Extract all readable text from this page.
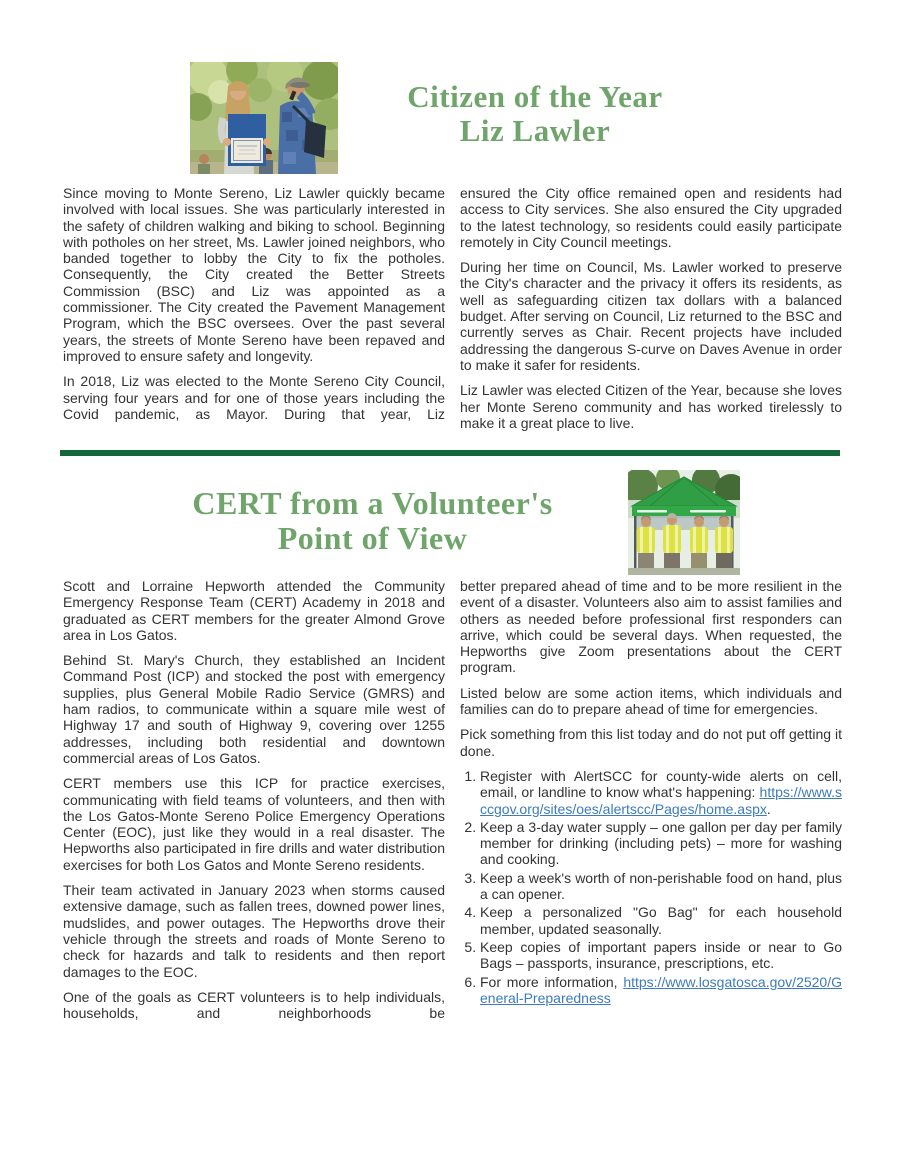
Citizen of the Year
Liz Lawler

Since moving to Monte Sereno, Liz Lawler quickly became involved with local issues. She was particularly interested in the safety of children walking and biking to school. Beginning with potholes on her street, Ms. Lawler joined neighbors, who banded together to lobby the City to fix the potholes. Consequently, the City created the Better Streets Commission (BSC) and Liz was appointed as a commissioner. The City created the Pavement Management Program, which the BSC oversees. Over the past several years, the streets of Monte Sereno have been repaved and improved to ensure safety and longevity.

In 2018, Liz was elected to the Monte Sereno City Council, serving four years and for one of those years including the Covid pandemic, as Mayor. During that year, Liz

ensured the City office remained open and residents had access to City services. She also ensured the City upgraded to the latest technology, so residents could easily participate remotely in City Council meetings.

During her time on Council, Ms. Lawler worked to preserve the City's character and the privacy it offers its residents, as well as safeguarding citizen tax dollars with a balanced budget. After serving on Council, Liz returned to the BSC and currently serves as Chair. Recent projects have included addressing the dangerous S-curve on Daves Avenue in order to make it safer for residents.

Liz Lawler was elected Citizen of the Year, because she loves her Monte Sereno community and has worked tirelessly to make it a great place to live.

CERT from a Volunteer's
Point of View

Scott and Lorraine Hepworth attended the Community Emergency Response Team (CERT) Academy in 2018 and graduated as CERT members for the greater Almond Grove area in Los Gatos.

Behind St. Mary's Church, they established an Incident Command Post (ICP) and stocked the post with emergency supplies, plus General Mobile Radio Service (GMRS) and ham radios, to communicate within a square mile west of Highway 17 and south of Highway 9, covering over 1255 addresses, including both residential and downtown commercial areas of Los Gatos.

CERT members use this ICP for practice exercises, communicating with field teams of volunteers, and then with the Los Gatos-Monte Sereno Police Emergency Operations Center (EOC), just like they would in a real disaster. The Hepworths also participated in fire drills and water distribution exercises for both Los Gatos and Monte Sereno residents.

Their team activated in January 2023 when storms caused extensive damage, such as fallen trees, downed power lines, mudslides, and power outages. The Hepworths drove their vehicle through the streets and roads of Monte Sereno to check for hazards and talk to residents and then report damages to the EOC.

One of the goals as CERT volunteers is to help individuals, households, and neighborhoods be

better prepared ahead of time and to be more resilient in the event of a disaster. Volunteers also aim to assist families and others as needed before professional first responders can arrive, which could be several days. When requested, the Hepworths give Zoom presentations about the CERT program.

Listed below are some action items, which individuals and families can do to prepare ahead of time for emergencies.

Pick something from this list today and do not put off getting it done.

1. Register with AlertSCC for county-wide alerts on cell, email, or landline to know what's happening: https://www.sccgov.org/sites/oes/alertscc/Pages/home.aspx.
2. Keep a 3-day water supply – one gallon per day per family member for drinking (including pets) – more for washing and cooking.
3. Keep a week's worth of non-perishable food on hand, plus a can opener.
4. Keep a personalized "Go Bag" for each household member, updated seasonally.
5. Keep copies of important papers inside or near to Go Bags – passports, insurance, prescriptions, etc.
6. For more information, https://www.losgatosca.gov/2520/General-Preparedness
